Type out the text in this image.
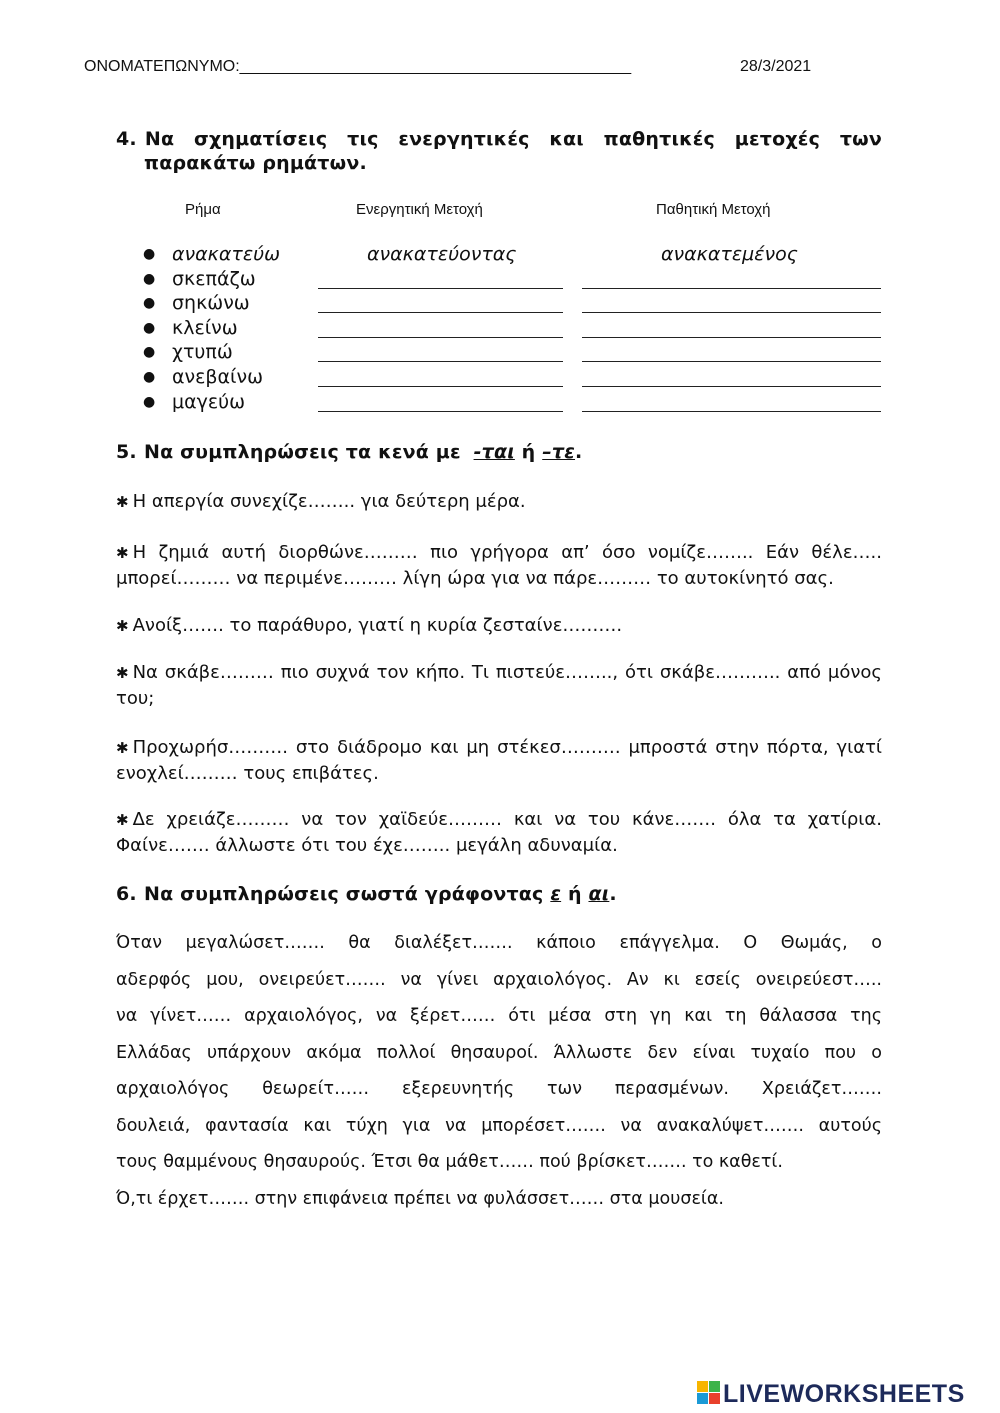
ΟΝΟΜΑΤΕΠΩΝΥΜΟ:____________________________________________	28/3/2021
4. Να σχηματίσεις τις ενεργητικές και παθητικές μετοχές των
παρακάτω ρημάτων.
Ρήμα	Ενεργητική Μετοχή	Παθητική Μετοχή
● ανακατεύω	ανακατεύοντας	ανακατεμένος
● σκεπάζω
● σηκώνω
● κλείνω
● χτυπώ
● ανεβαίνω
● μαγεύω
5. Να συμπληρώσεις τα κενά με -ται ή –τε.
✱ Η απεργία συνεχίζε…….. για δεύτερη μέρα.
✱ Η ζημιά αυτή διορθώνε……… πιο γρήγορα απ’ όσο νομίζε…….. Εάν θέλε….. μπορεί……… να περιμένε……… λίγη ώρα για να πάρε……… το αυτοκίνητό σας.
✱ Ανοίξ……. το παράθυρο, γιατί η κυρία ζεσταίνε……….
✱ Να σκάβε……… πιο συχνά τον κήπο. Τι πιστεύε…….., ότι σκάβε……….. από μόνος του;
✱ Προχωρήσ………. στο διάδρομο και μη στέκεσ………. μπροστά στην πόρτα, γιατί ενοχλεί……… τους επιβάτες.
✱ Δε χρειάζε……… να τον χαϊδεύε……… και να του κάνε……. όλα τα χατίρια. Φαίνε……. άλλωστε ότι του έχε…….. μεγάλη αδυναμία.
6. Να συμπληρώσεις σωστά γράφοντας ε ή αι.
Όταν μεγαλώσετ……. θα διαλέξετ……. κάποιο επάγγελμα. Ο Θωμάς, ο
αδερφός μου, ονειρεύετ……. να γίνει αρχαιολόγος. Αν κι εσείς ονειρεύεστ…..
να γίνετ…… αρχαιολόγος, να ξέρετ…… ότι μέσα στη γη και τη θάλασσα της
Ελλάδας υπάρχουν ακόμα πολλοί θησαυροί. Άλλωστε δεν είναι τυχαίο που ο
αρχαιολόγος θεωρείτ…… εξερευνητής των περασμένων. Χρειάζετ…….
δουλειά, φαντασία και τύχη για να μπορέσετ……. να ανακαλύψετ……. αυτούς
τους θαμμένους θησαυρούς. Έτσι θα μάθετ…… πού βρίσκετ……. το καθετί.
Ό,τι έρχετ……. στην επιφάνεια πρέπει να φυλάσσετ…… στα μουσεία.
LIVEWORKSHEETS
